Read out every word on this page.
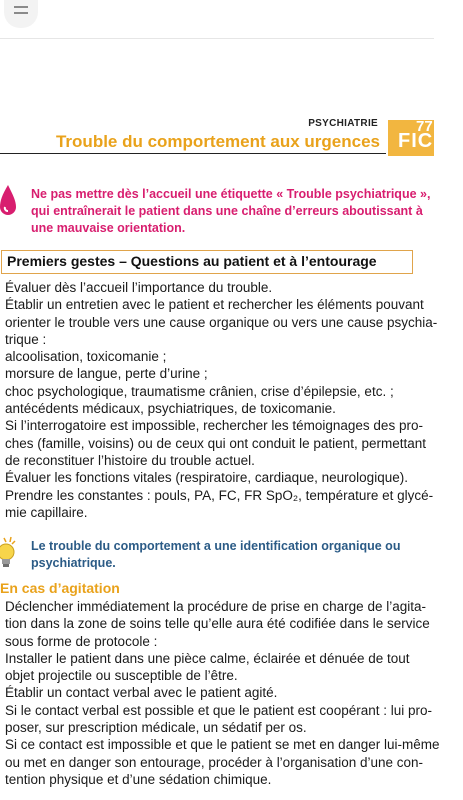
PSYCHIATRIE
Trouble du comportement aux urgences
77
FICHE
Ne pas mettre dès l’accueil une étiquette « Trouble psychiatrique »,
qui entraînerait le patient dans une chaîne d’erreurs aboutissant à
une mauvaise orientation.
Premiers gestes – Questions au patient et à l’entourage
Évaluer dès l’accueil l’importance du trouble.
Établir un entretien avec le patient et rechercher les éléments pouvant
orienter le trouble vers une cause organique ou vers une cause psychia-
trique :
alcoolisation, toxicomanie ;
morsure de langue, perte d’urine ;
choc psychologique, traumatisme crânien, crise d’épilepsie, etc. ;
antécédents médicaux, psychiatriques, de toxicomanie.
Si l’interrogatoire est impossible, rechercher les témoignages des pro-
ches (famille, voisins) ou de ceux qui ont conduit le patient, permettant
de reconstituer l’histoire du trouble actuel.
Évaluer les fonctions vitales (respiratoire, cardiaque, neurologique).
Prendre les constantes : pouls, PA, FC, FR SpO₂, température et glycé-
mie capillaire.
Le trouble du comportement a une identification organique ou
psychiatrique.
En cas d’agitation
Déclencher immédiatement la procédure de prise en charge de l’agita-
tion dans la zone de soins telle qu’elle aura été codifiée dans le service
sous forme de protocole :
Installer le patient dans une pièce calme, éclairée et dénuée de tout
objet projectile ou susceptible de l’être.
Établir un contact verbal avec le patient agité.
Si le contact verbal est possible et que le patient est coopérant : lui pro-
poser, sur prescription médicale, un sédatif per os.
Si ce contact est impossible et que le patient se met en danger lui-même
ou met en danger son entourage, procéder à l’organisation d’une con-
tention physique et d’une sédation chimique.
